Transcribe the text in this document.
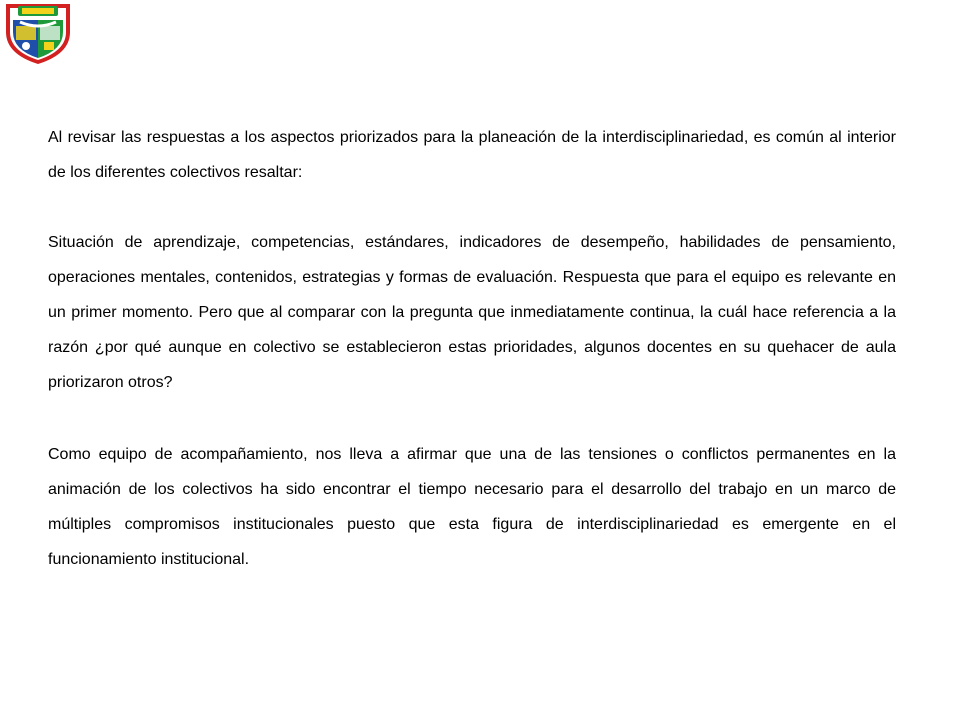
Al revisar las respuestas a los aspectos priorizados para la planeación de la interdisciplinariedad, es común al interior de los diferentes colectivos resaltar:

Situación de aprendizaje, competencias, estándares, indicadores de desempeño, habilidades de pensamiento, operaciones mentales, contenidos, estrategias y formas de evaluación. Respuesta que para el equipo es relevante en un primer momento. Pero que al comparar con la pregunta que inmediatamente continua, la cuál hace referencia a la razón ¿por qué aunque en colectivo se establecieron estas prioridades, algunos docentes en su quehacer de aula priorizaron otros?

Como equipo de acompañamiento, nos lleva a afirmar que una de las tensiones o conflictos permanentes en la animación de los colectivos ha sido encontrar el tiempo necesario para el desarrollo del trabajo en un marco de múltiples compromisos institucionales puesto que esta figura de interdisciplinariedad es emergente en el funcionamiento institucional.
